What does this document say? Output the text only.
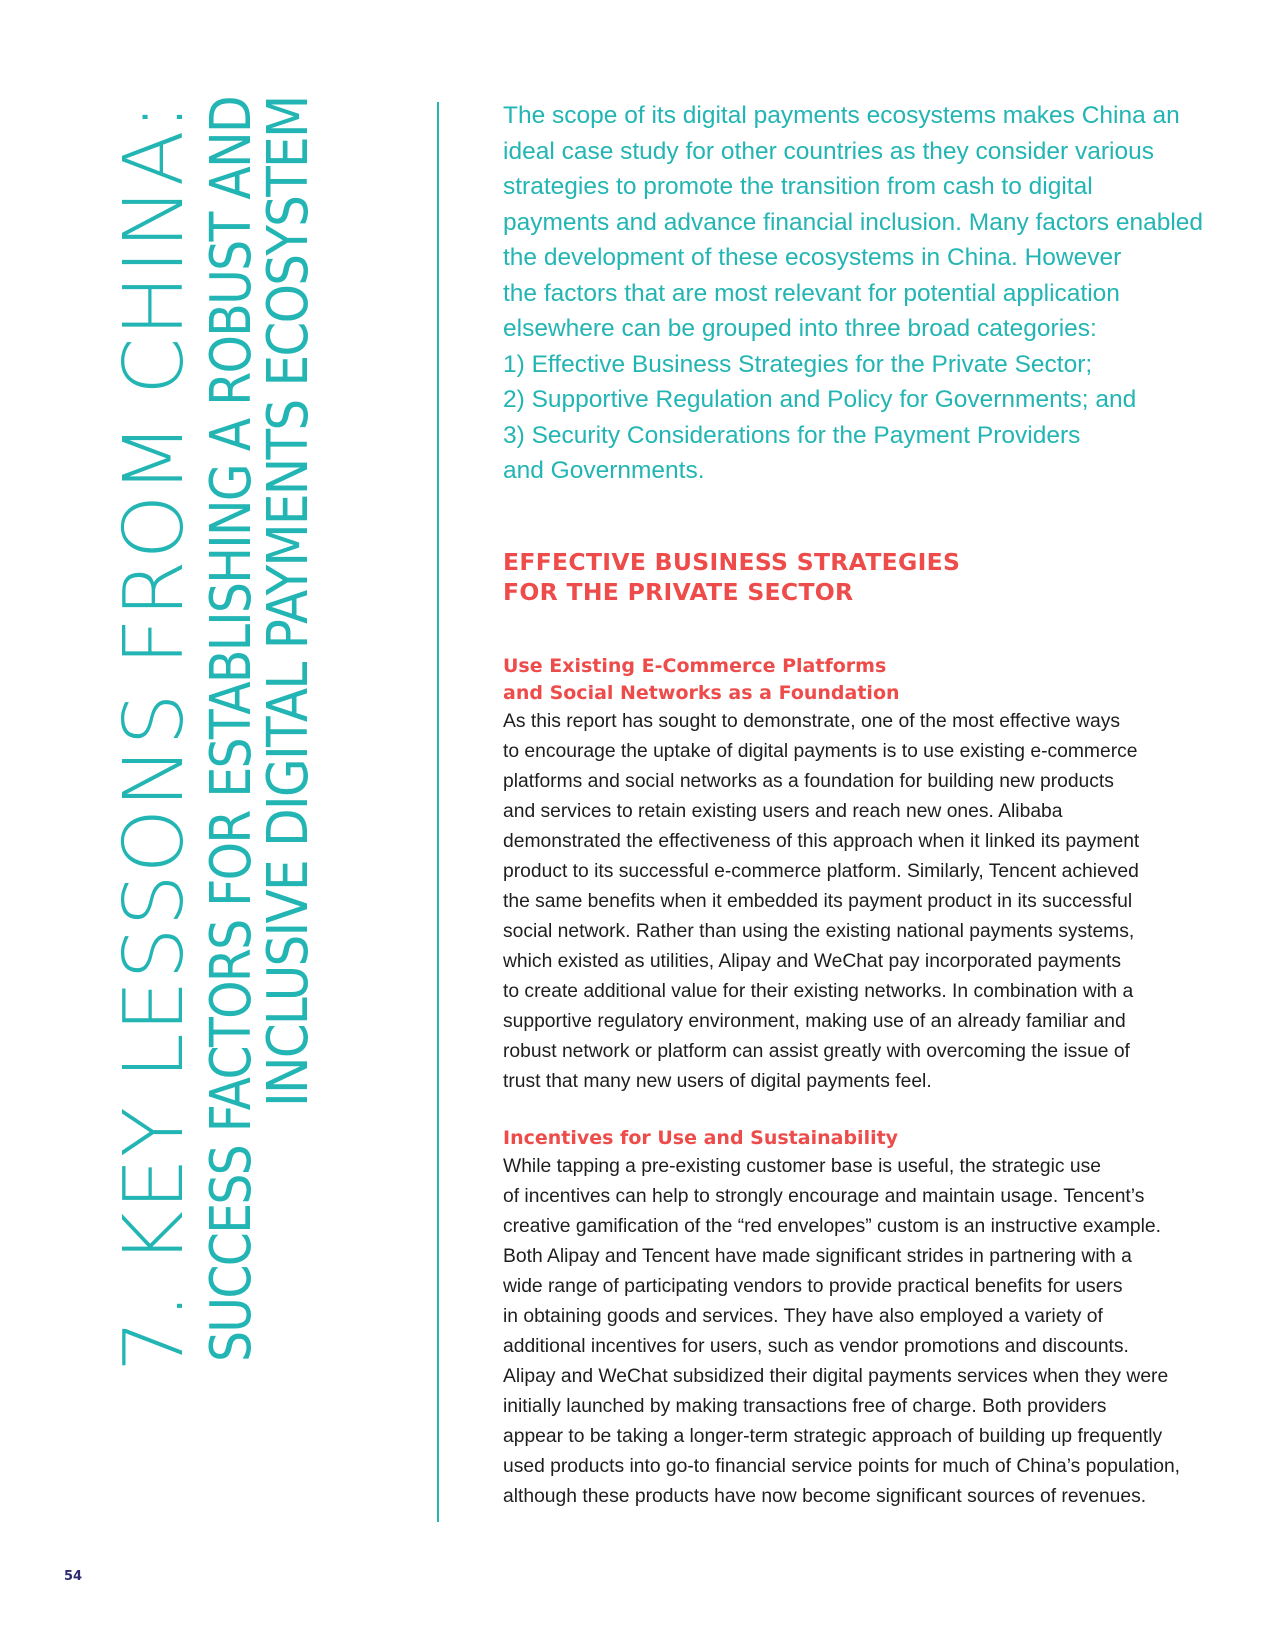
7. KEY LESSONS FROM CHINA:
SUCCESS FACTORS FOR ESTABLISHING A ROBUST AND
INCLUSIVE DIGITAL PAYMENTS ECOSYSTEM	The scope of its digital payments ecosystems makes China an
ideal case study for other countries as they consider various
strategies to promote the transition from cash to digital
payments and advance financial inclusion. Many factors enabled
the development of these ecosystems in China. However
the factors that are most relevant for potential application
elsewhere can be grouped into three broad categories:
1) Effective Business Strategies for the Private Sector;
2) Supportive Regulation and Policy for Governments; and
3) Security Considerations for the Payment Providers
and Governments.

EFFECTIVE BUSINESS STRATEGIES
FOR THE PRIVATE SECTOR
Use Existing E-Commerce Platforms
and Social Networks as a Foundation

As this report has sought to demonstrate, one of the most effective ways
to encourage the uptake of digital payments is to use existing e-commerce
platforms and social networks as a foundation for building new products
and services to retain existing users and reach new ones. Alibaba
demonstrated the effectiveness of this approach when it linked its payment
product to its successful e-commerce platform. Similarly, Tencent achieved
the same benefits when it embedded its payment product in its successful
social network. Rather than using the existing national payments systems,
which existed as utilities, Alipay and WeChat pay incorporated payments
to create additional value for their existing networks. In combination with a
supportive regulatory environment, making use of an already familiar and
robust network or platform can assist greatly with overcoming the issue of
trust that many new users of digital payments feel.

Incentives for Use and Sustainability

While tapping a pre-existing customer base is useful, the strategic use
of incentives can help to strongly encourage and maintain usage. Tencent’s
creative gamification of the “red envelopes” custom is an instructive example.
Both Alipay and Tencent have made significant strides in partnering with a
wide range of participating vendors to provide practical benefits for users
in obtaining goods and services. They have also employed a variety of
additional incentives for users, such as vendor promotions and discounts.
Alipay and WeChat subsidized their digital payments services when they were
initially launched by making transactions free of charge. Both providers
appear to be taking a longer-term strategic approach of building up frequently
used products into go-to financial service points for much of China’s population,
although these products have now become significant sources of revenues.

54
